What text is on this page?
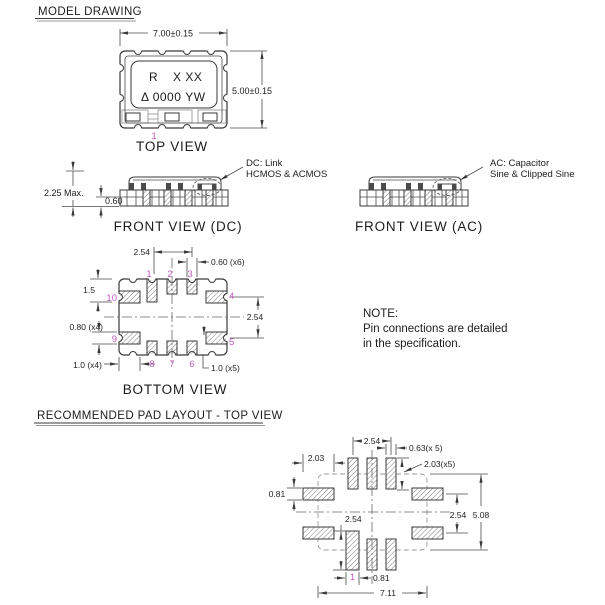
MODEL DRAWING
R X XX
Δ 0000 YW
7.00±0.15
5.00±0.15
1
TOP VIEW
DC: Link
HCMOS & ACMOS
2.25 Max.
0.60
FRONT VIEW (DC)
AC: Capacitor
Sine & Clipped Sine
FRONT VIEW (AC)
2.54
0.60 (x6)
1.5
2.54
0.80 (x4)
1.0 (x4)	1.0 (x5)
1 2 3
4
5
6
7
8
9
10
BOTTOM VIEW
NOTE:
Pin connections are detailed
in the specification.
RECOMMENDED PAD LAYOUT - TOP VIEW
2.54
0.63(x 5)
2.03
2.03(x5)
0.81
2.54	2.54 5.08
0.81
7.11
1
